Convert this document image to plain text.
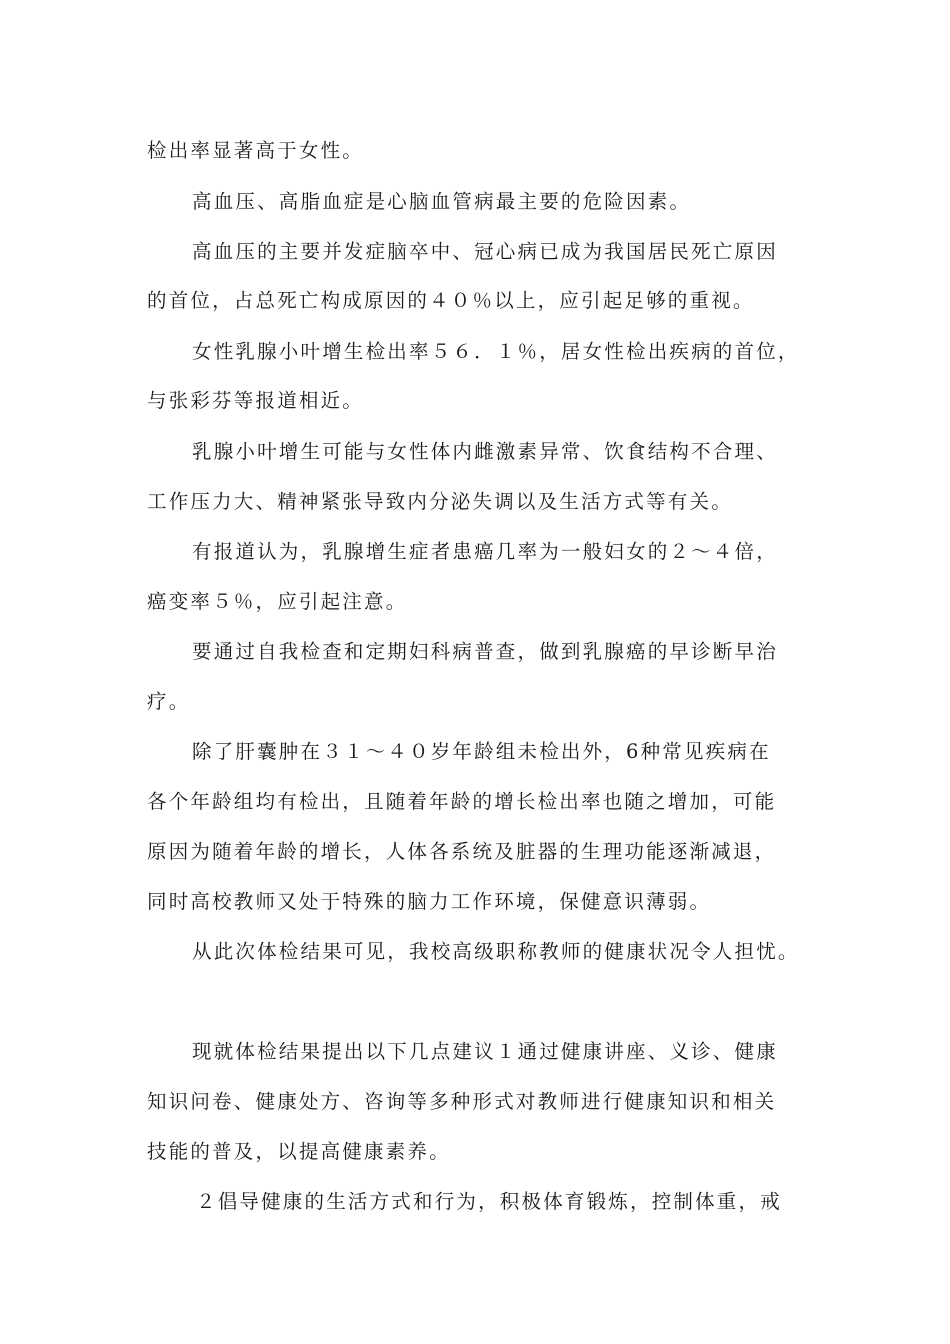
检出率显著高于女性。
高血压、高脂血症是心脑血管病最主要的危险因素。
高血压的主要并发症脑卒中、冠心病已成为我国居民死亡原因
的首位，占总死亡构成原因的４０％以上，应引起足够的重视。
女性乳腺小叶增生检出率５６．１％，居女性检出疾病的首位，
与张彩芬等报道相近。
乳腺小叶增生可能与女性体内雌激素异常、饮食结构不合理、
工作压力大、精神紧张导致内分泌失调以及生活方式等有关。
有报道认为，乳腺增生症者患癌几率为一般妇女的２～４倍，
癌变率５％，应引起注意。
要通过自我检查和定期妇科病普查，做到乳腺癌的早诊断早治
疗。
除了肝囊肿在３１～４０岁年龄组未检出外，6种常见疾病在
各个年龄组均有检出，且随着年龄的增长检出率也随之增加，可能
原因为随着年龄的增长，人体各系统及脏器的生理功能逐渐减退，
同时高校教师又处于特殊的脑力工作环境，保健意识薄弱。
从此次体检结果可见，我校高级职称教师的健康状况令人担忧。
现就体检结果提出以下几点建议１通过健康讲座、义诊、健康
知识问卷、健康处方、咨询等多种形式对教师进行健康知识和相关
技能的普及，以提高健康素养。
２倡导健康的生活方式和行为，积极体育锻炼，控制体重，戒
